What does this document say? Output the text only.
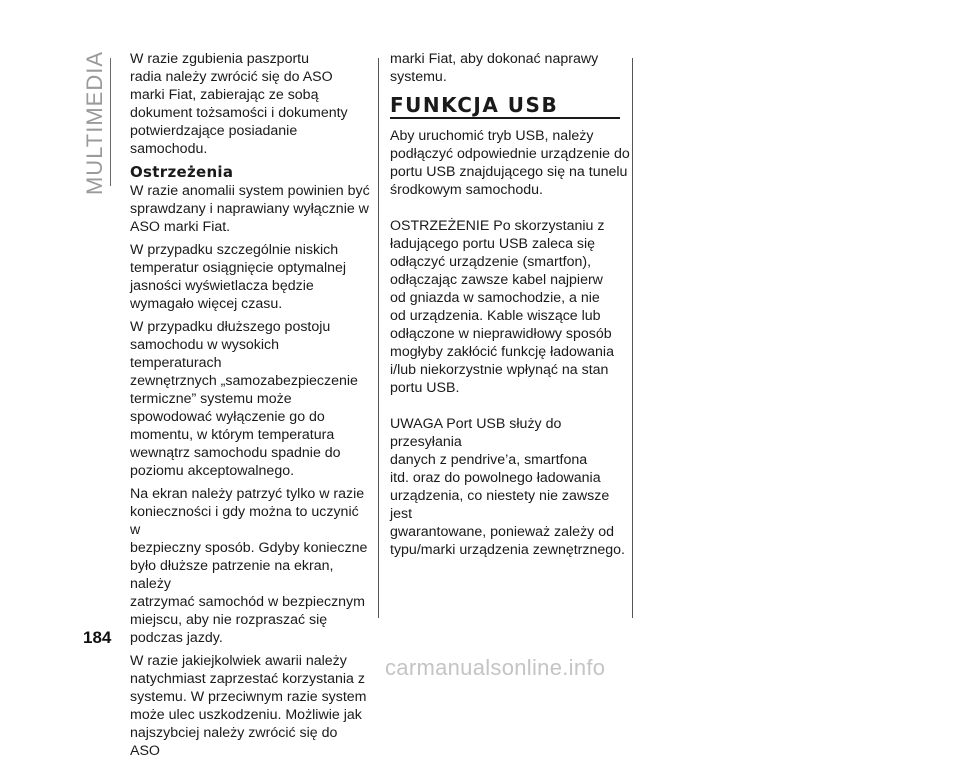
MULTIMEDIA W razie zgubienia paszportu
radia należy zwrócić się do ASO
marki Fiat, zabierając ze sobą
dokument tożsamości i dokumenty
potwierdzające posiadanie
samochodu.

Ostrzeżenia

W razie anomalii system powinien być
sprawdzany i naprawiany wyłącznie w
ASO marki Fiat.

W przypadku szczególnie niskich
temperatur osiągnięcie optymalnej
jasności wyświetlacza będzie
wymagało więcej czasu.

W przypadku dłuższego postoju
samochodu w wysokich temperaturach
zewnętrznych „samozabezpieczenie
termiczne” systemu może
spowodować wyłączenie go do
momentu, w którym temperatura
wewnątrz samochodu spadnie do
poziomu akceptowalnego.

Na ekran należy patrzyć tylko w razie
konieczności i gdy można to uczynić w
bezpieczny sposób. Gdyby konieczne
było dłuższe patrzenie na ekran, należy
zatrzymać samochód w bezpiecznym
miejscu, aby nie rozpraszać się
podczas jazdy.

W razie jakiejkolwiek awarii należy
natychmiast zaprzestać korzystania z
systemu. W przeciwnym razie system
może ulec uszkodzeniu. Możliwie jak
najszybciej należy zwrócić się do ASO

marki Fiat, aby dokonać naprawy
systemu.

FUNKCJA USB

Aby uruchomić tryb USB, należy
podłączyć odpowiednie urządzenie do
portu USB znajdującego się na tunelu
środkowym samochodu.

OSTRZEŻENIE Po skorzystaniu z
ładującego portu USB zaleca się
odłączyć urządzenie (smartfon),
odłączając zawsze kabel najpierw
od gniazda w samochodzie, a nie
od urządzenia. Kable wiszące lub
odłączone w nieprawidłowy sposób
mogłyby zakłócić funkcję ładowania
i/lub niekorzystnie wpłynąć na stan
portu USB.

UWAGA Port USB służy do przesyłania
danych z pendrive’a, smartfona
itd. oraz do powolnego ładowania
urządzenia, co niestety nie zawsze jest
gwarantowane, ponieważ zależy od
typu/marki urządzenia zewnętrznego.

184
carmanualsonline.info
